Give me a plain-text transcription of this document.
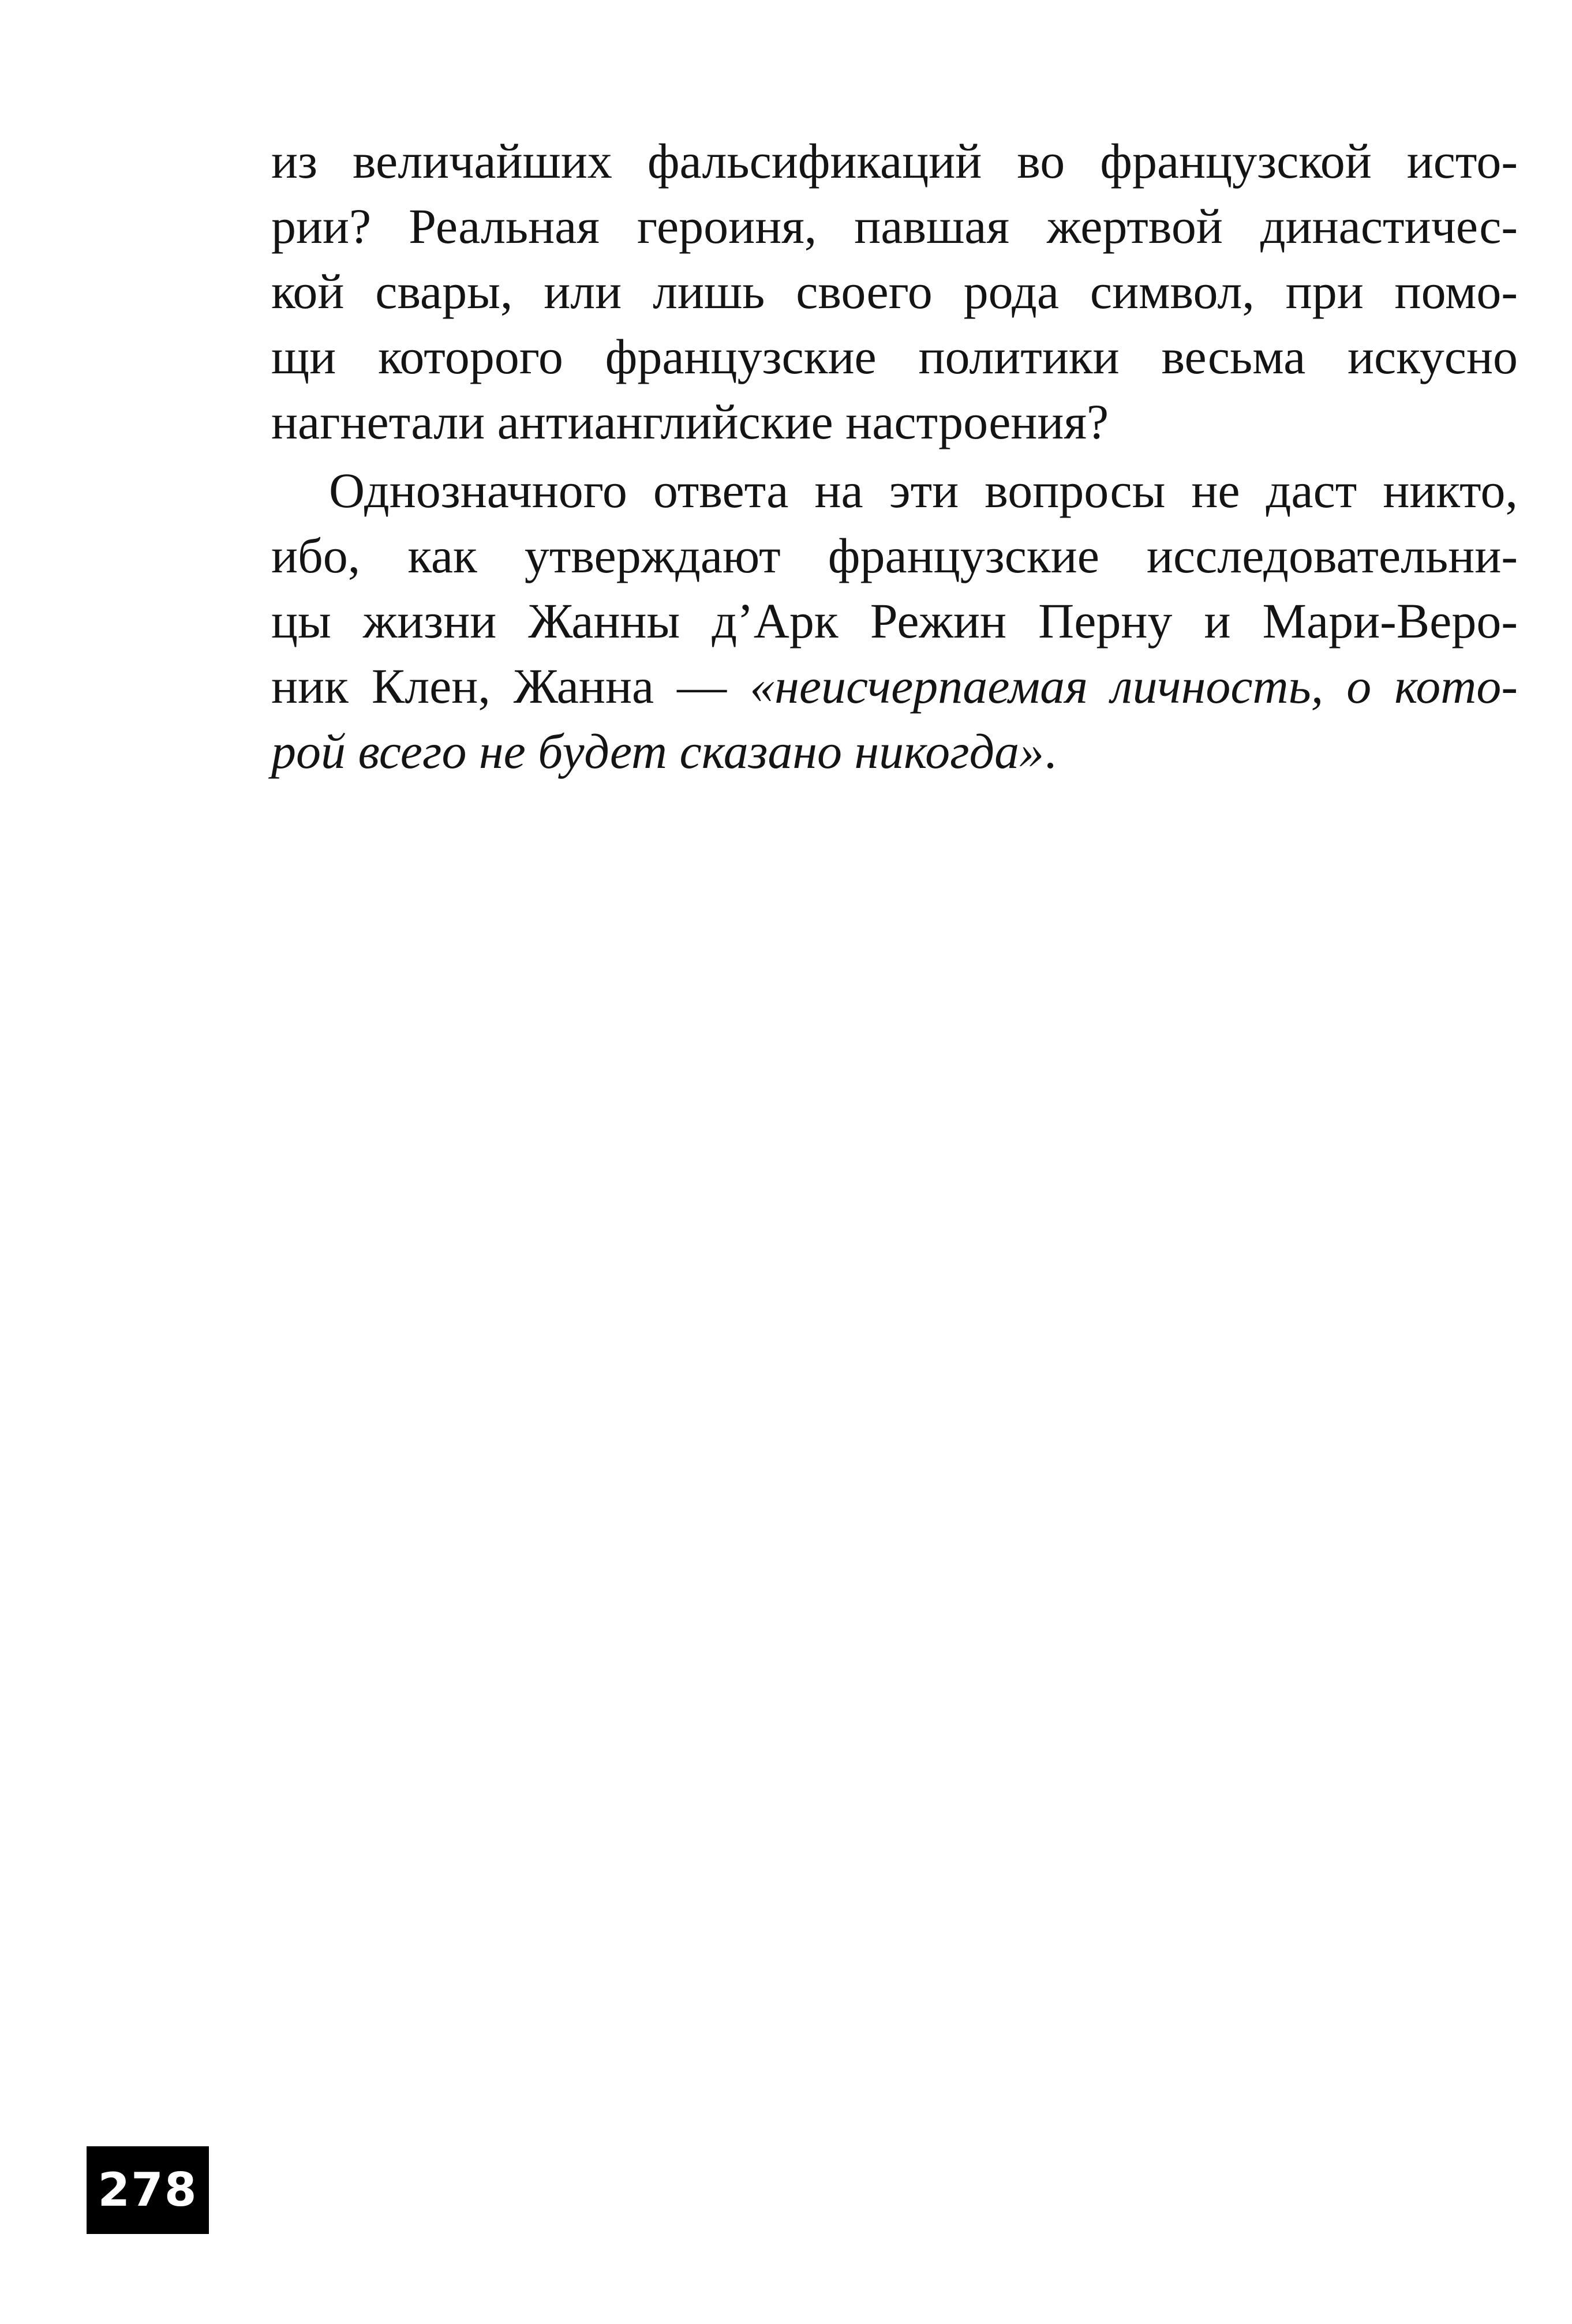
из величайших фальсификаций во французской исто-
рии? Реальная героиня, павшая жертвой династичес-
кой свары, или лишь своего рода символ, при помо-
щи которого французские политики весьма искусно
нагнетали антианглийские настроения?
Однозначного ответа на эти вопросы не даст никто,
ибо, как утверждают французские исследовательни-
цы жизни Жанны д’Арк Режин Перну и Мари-Веро-
ник Клен, Жанна — «неисчерпаемая личность, о кото-
рой всего не будет сказано никогда».
278
